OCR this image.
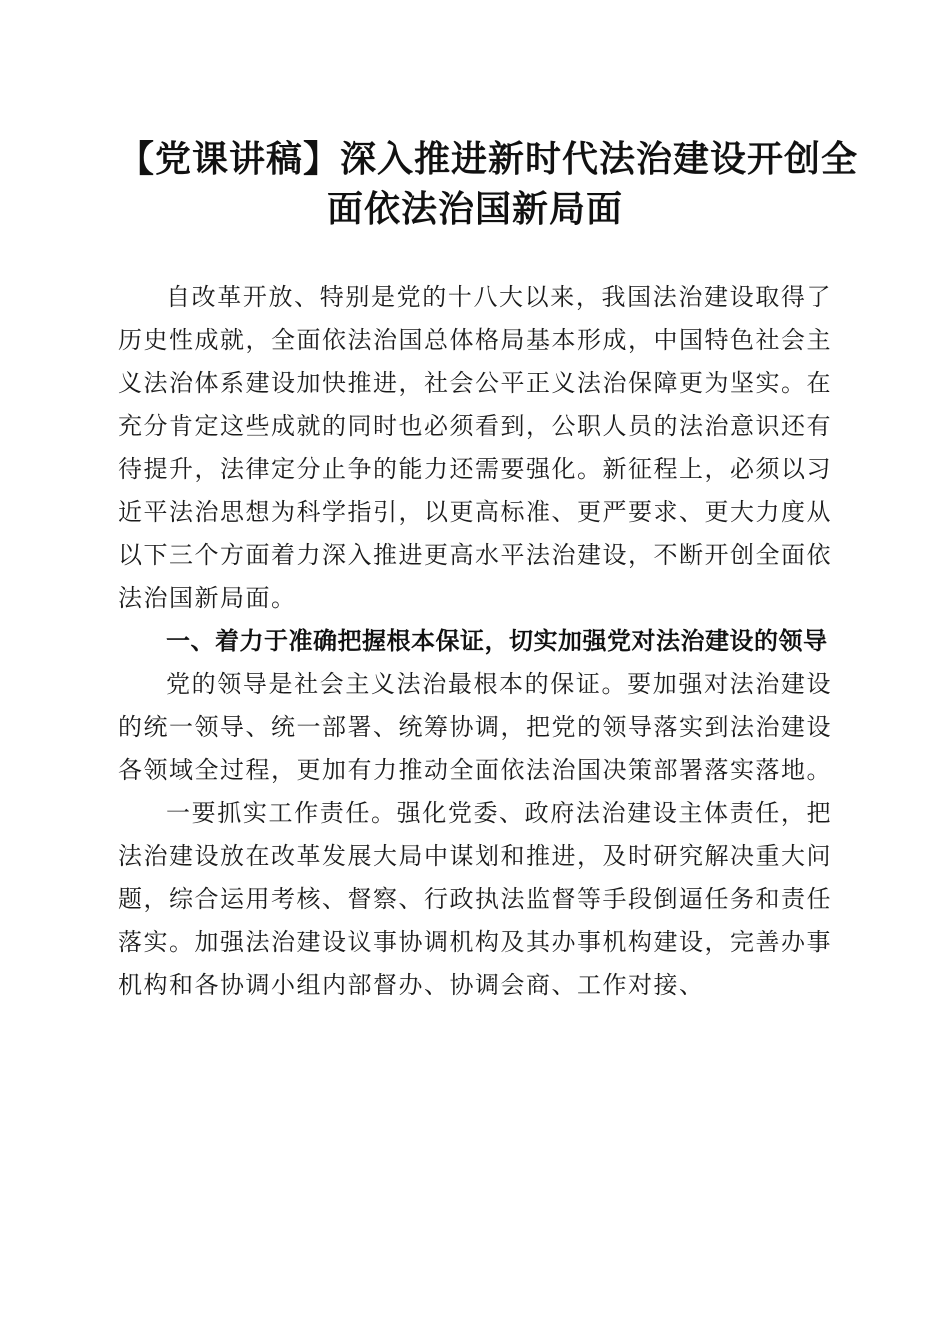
【党课讲稿】深入推进新时代法治建设开创全
面依法治国新局面

自改革开放、特别是党的十八大以来，我国法治建设取得了历史性成就，全面依法治国总体格局基本形成，中国特色社会主义法治体系建设加快推进，社会公平正义法治保障更为坚实。在充分肯定这些成就的同时也必须看到，公职人员的法治意识还有待提升，法律定分止争的能力还需要强化。新征程上，必须以习近平法治思想为科学指引，以更高标准、更严要求、更大力度从以下三个方面着力深入推进更高水平法治建设，不断开创全面依法治国新局面。

一、着力于准确把握根本保证，切实加强党对法治建设的领导

党的领导是社会主义法治最根本的保证。要加强对法治建设的统一领导、统一部署、统筹协调，把党的领导落实到法治建设各领域全过程，更加有力推动全面依法治国决策部署落实落地。

一要抓实工作责任。强化党委、政府法治建设主体责任，把法治建设放在改革发展大局中谋划和推进，及时研究解决重大问题，综合运用考核、督察、行政执法监督等手段倒逼任务和责任落实。加强法治建设议事协调机构及其办事机构建设，完善办事机构和各协调小组内部督办、协调会商、工作对接、
